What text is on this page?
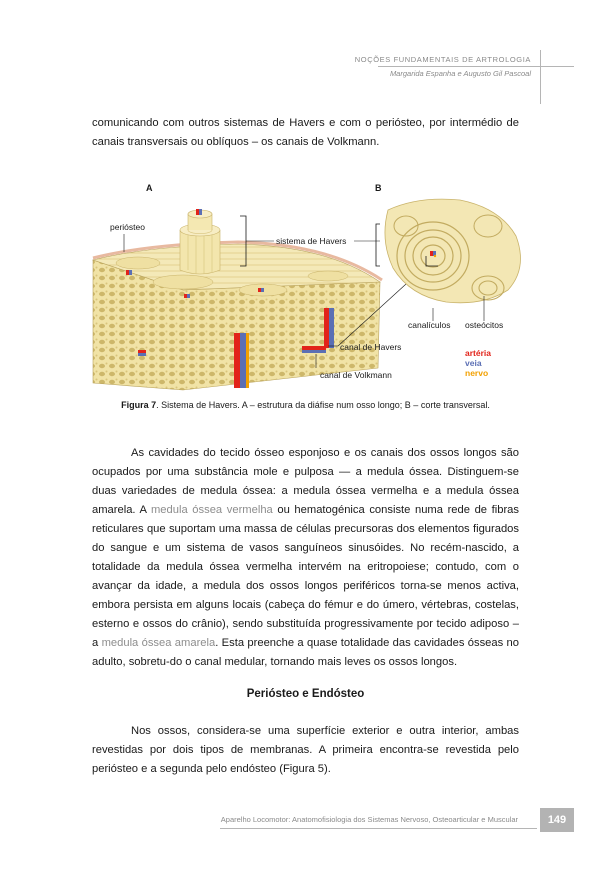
NOÇÕES FUNDAMENTAIS DE ARTROLOGIA
Margarida Espanha e Augusto Gil Pascoal

comunicando com outros sistemas de Havers e com o periósteo, por intermédio de canais transversais ou oblíquos – os canais de Volkmann.

A	B
periósteo
sistema de Havers
canal de Havers
canal de Volkmann
canalículos osteócitos
artéria
veia
nervo
Figura 7. Sistema de Havers. A – estrutura da diáfise num osso longo; B – corte transversal.

As cavidades do tecido ósseo esponjoso e os canais dos ossos longos são ocupados por uma substância mole e pulposa — a medula óssea. Distinguem-se duas variedades de medula óssea: a medula óssea vermelha e a medula óssea amarela. A medula óssea vermelha ou hematogénica consiste numa rede de fibras reticulares que suportam uma massa de células precursoras dos elementos figurados do sangue e um sistema de vasos sanguíneos sinusóides. No recém-nascido, a totalidade da medula óssea vermelha intervém na eritropoiese; contudo, com o avançar da idade, a medula dos ossos longos periféricos torna-se menos activa, embora persista em alguns locais (cabeça do fémur e do úmero, vértebras, costelas, esterno e ossos do crânio), sendo substituída progressivamente por tecido adiposo – a medula óssea amarela. Esta preenche a quase totalidade das cavidades ósseas no adulto, sobretu-do o canal medular, tornando mais leves os ossos longos.

Periósteo e Endósteo

Nos ossos, considera-se uma superfície exterior e outra interior, ambas revestidas por dois tipos de membranas. A primeira encontra-se revestida pelo periósteo e a segunda pelo endósteo (Figura 5).

Aparelho Locomotor: Anatomofisiologia dos Sistemas Nervoso, Osteoarticular e Muscular	149
